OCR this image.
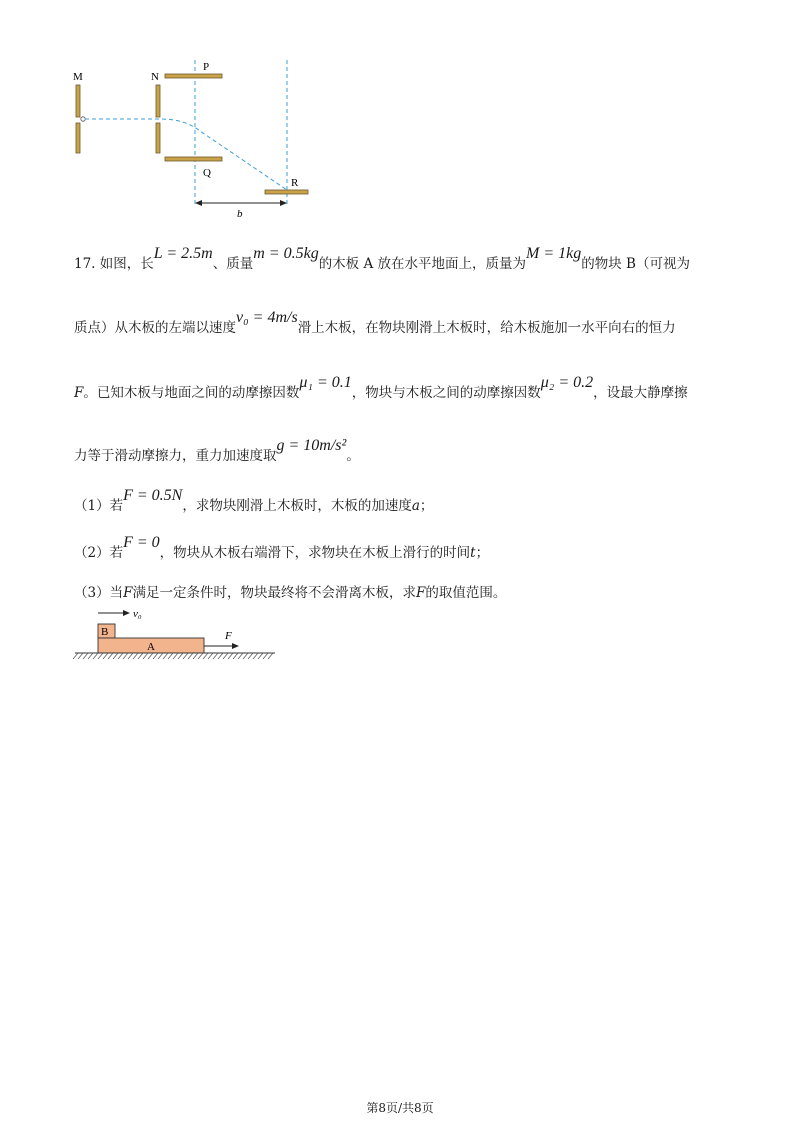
M	N
P
Q
R
b
17. 如图，长L = 2.5m、质量m = 0.5kg的木板 A 放在水平地面上，质量为M = 1kg的物块 B（可视为
质点）从木板的左端以速度v₀ = 4m/s滑上木板，在物块刚滑上木板时，给木板施加一水平向右的恒力
F。已知木板与地面之间的动摩擦因数μ₁ = 0.1，物块与木板之间的动摩擦因数μ₂ = 0.2，设最大静摩擦
力等于滑动摩擦力，重力加速度取g = 10m/s²。
（1）若F = 0.5N，求物块刚滑上木板时，木板的加速度a；
（2）若F = 0，物块从木板右端滑下，求物块在木板上滑行的时间t；
（3）当F满足一定条件时，物块最终将不会滑离木板，求F的取值范围。
v₀
B
A
F
第8页/共8页
